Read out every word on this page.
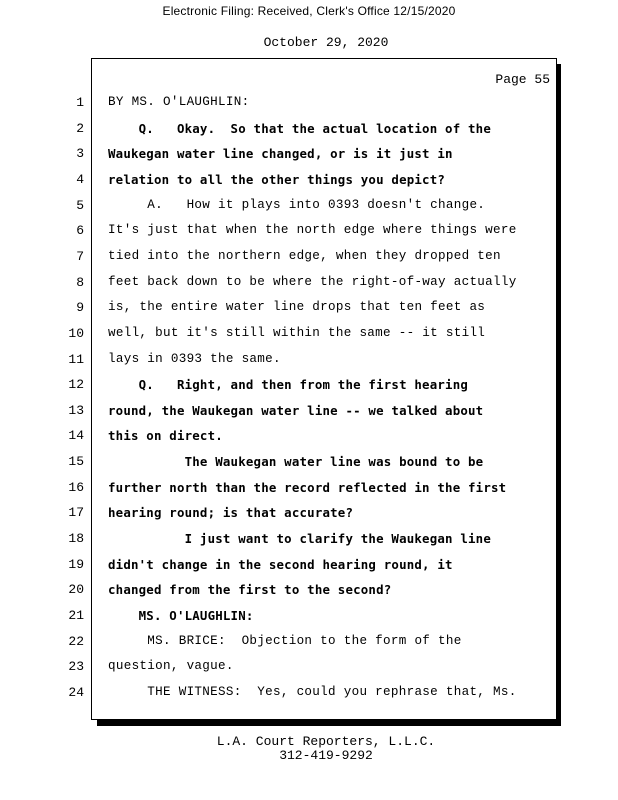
Electronic Filing: Received, Clerk's Office 12/15/2020
October 29, 2020
Page 55
1 BY MS. O'LAUGHLIN:
2 Q.   Okay.  So that the actual location of the
3 Waukegan water line changed, or is it just in
4 relation to all the other things you depict?
5 A.   How it plays into 0393 doesn't change.
6 It's just that when the north edge where things were
7 tied into the northern edge, when they dropped ten
8 feet back down to be where the right-of-way actually
9 is, the entire water line drops that ten feet as
10 well, but it's still within the same -- it still
11 lays in 0393 the same.
12 Q.   Right, and then from the first hearing
13 round, the Waukegan water line -- we talked about
14 this on direct.
15 The Waukegan water line was bound to be
16 further north than the record reflected in the first
17 hearing round; is that accurate?
18 I just want to clarify the Waukegan line
19 didn't change in the second hearing round, it
20 changed from the first to the second?
21 MS. O'LAUGHLIN:
22 MS. BRICE:  Objection to the form of the
23 question, vague.
24 THE WITNESS:  Yes, could you rephrase that, Ms.
L.A. Court Reporters, L.L.C.
312-419-9292
